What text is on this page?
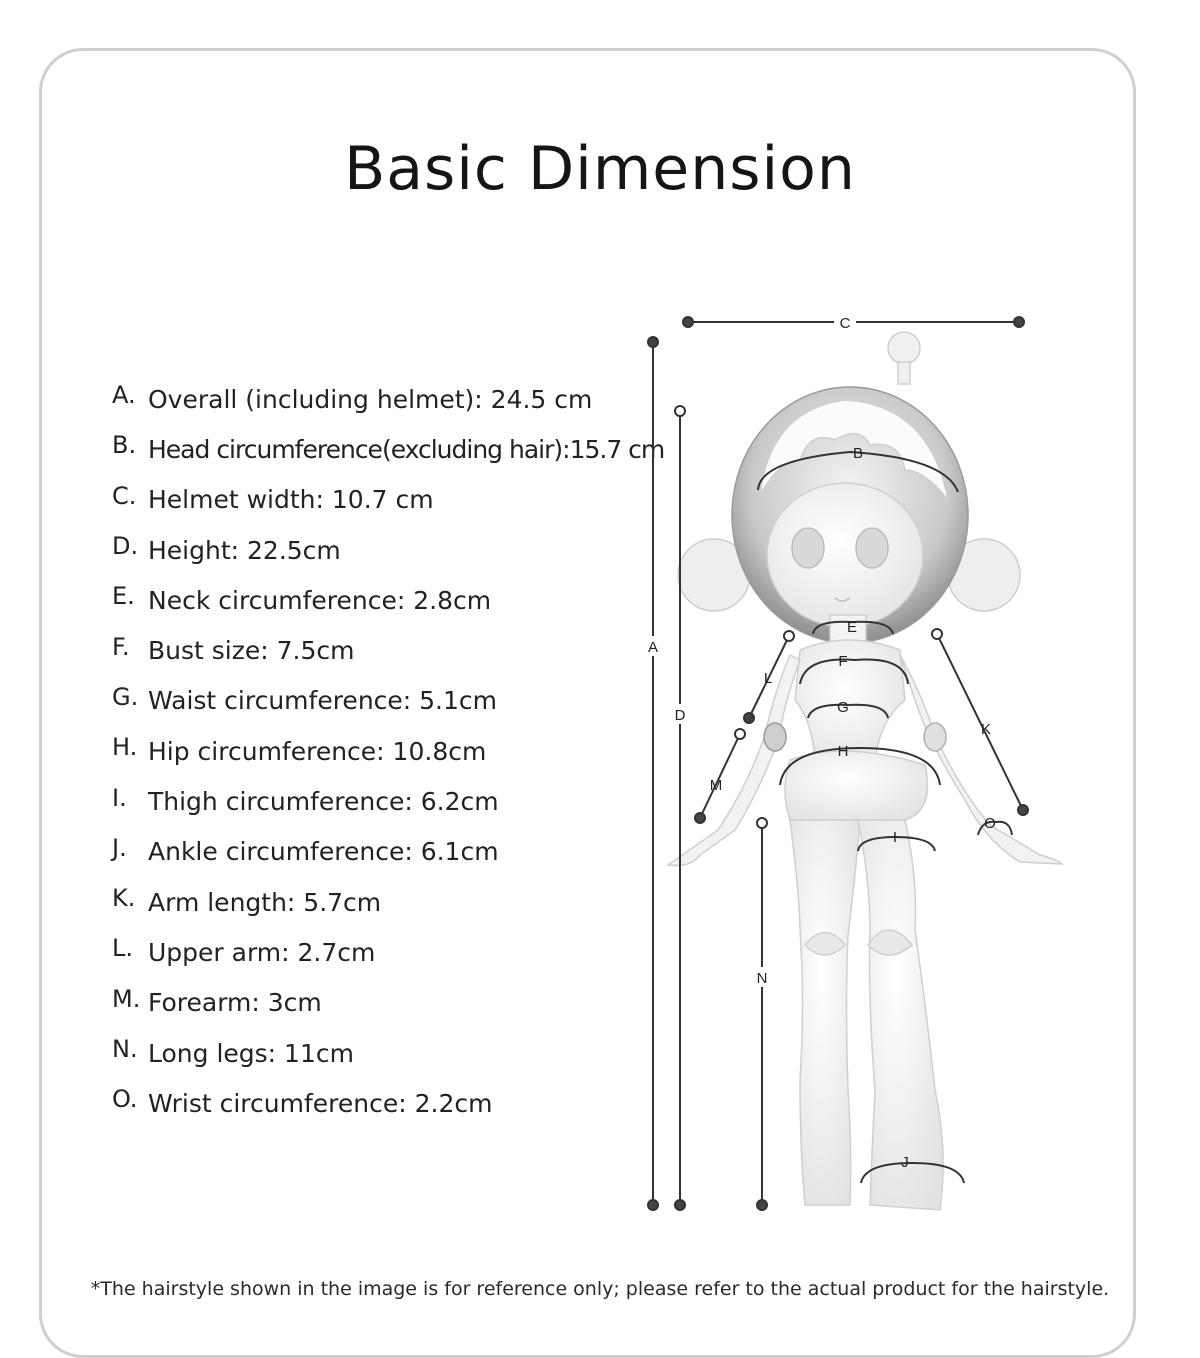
Basic Dimension
A. Overall (including helmet): 24.5 cm
B. Head circumference(excluding hair):15.7 cm
C. Helmet width: 10.7 cm
D. Height: 22.5cm
E. Neck circumference: 2.8cm
F. Bust size: 7.5cm
G. Waist circumference: 5.1cm
H. Hip circumference: 10.8cm
I. Thigh circumference: 6.2cm
J. Ankle circumference: 6.1cm
K. Arm length: 5.7cm
L. Upper arm: 2.7cm
M. Forearm: 3cm
N. Long legs: 11cm
O. Wrist circumference: 2.2cm
A
D
C
N
B
E
F
G
H
I
J
L
M
K
O
*The hairstyle shown in the image is for reference only; please refer to the actual product for the hairstyle.
